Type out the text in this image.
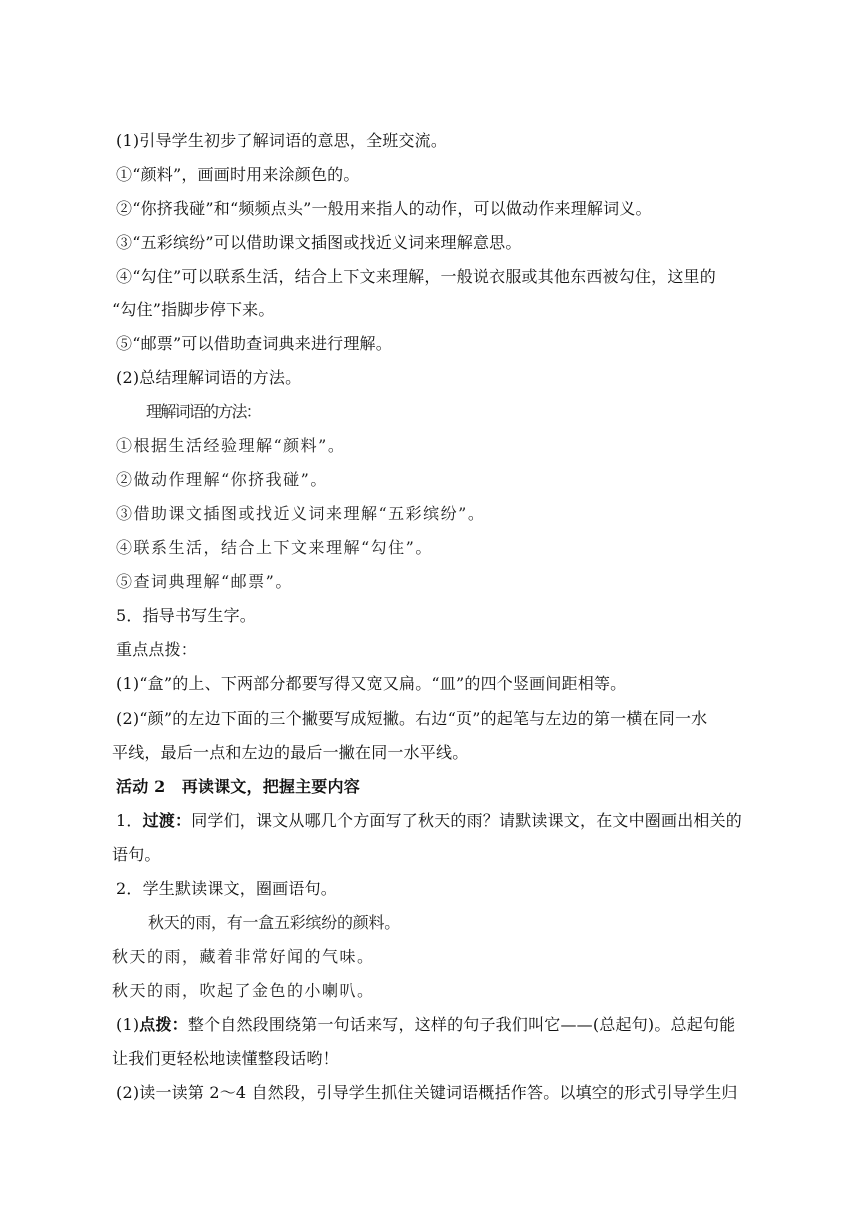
(1)引导学生初步了解词语的意思，全班交流。
①“颜料”，画画时用来涂颜色的。
②“你挤我碰”和“频频点头”一般用来指人的动作，可以做动作来理解词义。
③“五彩缤纷”可以借助课文插图或找近义词来理解意思。
④“勾住”可以联系生活，结合上下文来理解，一般说衣服或其他东西被勾住，这里的
“勾住”指脚步停下来。
⑤“邮票”可以借助查词典来进行理解。
(2)总结理解词语的方法。
理解词语的方法：
①根据生活经验理解“颜料”。
②做动作理解“你挤我碰”。
③借助课文插图或找近义词来理解“五彩缤纷”。
④联系生活，结合上下文来理解“勾住”。
⑤查词典理解“邮票”。
5．指导书写生字。
重点点拨：
(1)“盒”的上、下两部分都要写得又宽又扁。“皿”的四个竖画间距相等。
(2)“颜”的左边下面的三个撇要写成短撇。右边“页”的起笔与左边的第一横在同一水
平线，最后一点和左边的最后一撇在同一水平线。
活动 2　再读课文，把握主要内容
1．过渡：同学们，课文从哪几个方面写了秋天的雨？请默读课文，在文中圈画出相关的
语句。
2．学生默读课文，圈画语句。
秋天的雨，有一盒五彩缤纷的颜料。
秋天的雨，藏着非常好闻的气味。
秋天的雨，吹起了金色的小喇叭。
(1)点拨：整个自然段围绕第一句话来写，这样的句子我们叫它——(总起句)。总起句能
让我们更轻松地读懂整段话哟！
(2)读一读第 2～4 自然段，引导学生抓住关键词语概括作答。以填空的形式引导学生归
